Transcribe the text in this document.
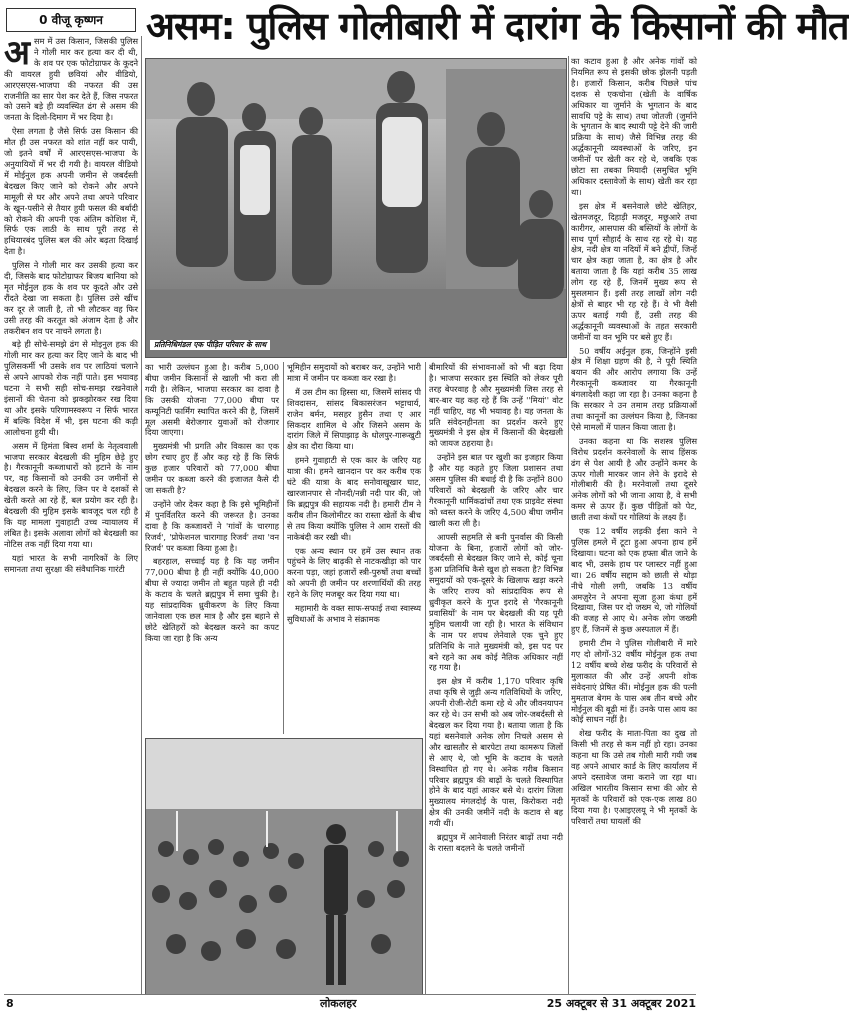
0 वीजू कृष्णन	असम: पुलिस गोलीबारी में दारांग के किसानों की मौत

असम में उस किसान, जिसकी पुलिस ने गोली मार कर हत्या कर दी थी, के शव पर एक फोटोग्राफर के कूदने की वायरल हुयी छवियां और वीडियो, आरएसएस-भाजपा की नफरत की उस राजनीति का सार पेश कर देते हैं, जिस नफरत को उसने बड़े ही व्यवस्थित ढंग से असम की जनता के दिलो-दिमाग में भर दिया है।

ऐसा लगता है जैसे सिर्फ उस किसान की मौत ही उस नफरत को शांत नहीं कर पायी, जो इतने वर्षों में आरएसएस-भाजपा के अनुयायियों में भर दी गयी है। वायरल वीडियो में मोईनुल हक अपनी जमीन से जबर्दस्ती बेदखल किए जाने को रोकने और अपने मामूली से घर और अपने तथा अपने परिवार के खून-पसीने से तैयार हुयी फसल की बर्बादी को रोकने की अपनी एक अंतिम कोशिश में, सिर्फ एक लाठी के साथ पूरी तरह से हथियारबंद पुलिस बल की ओर बढ़ता दिखाई देता है।

पुलिस ने गोली मार कर उसकी हत्या कर दी, जिसके बाद फोटोग्राफर बिजय बानिया को मृत मोईनुल हक के शव पर कूदते और उसे रौंदते देखा जा सकता है। पुलिस उसे खींच कर दूर ले जाती है, तो भी लौटकर वह फिर उसी तरह की करतूत को अंजाम देता है और तकरीबन शव पर नाचने लगता है।

बड़े ही सोचे-समझे ढंग से मोइनुल हक की गोली मार कर हत्या कर दिए जाने के बाद भी पुलिसकर्मी भी उसके शव पर लाठियां चलाने से अपने आपको रोक नहीं पाते। इस भयावह घटना ने सभी सही सोच-समझ रखनेवाले इंसानों की चेतना को झकझोरकर रख दिया था और इसके परिणामस्वरूप न सिर्फ भारत में बल्कि विदेश में भी, इस घटना की कड़ी आलोचना हुयी थी।

असम में हिमंता बिस्व शर्मा के नेतृत्ववाली भाजपा सरकार बेदखली की मुहिम छेड़े हुए है। गैरकानूनी कब्जाधारों को हटाने के नाम पर, वह किसानों को उनकी उन जमीनों से बेदखल करने के लिए, जिन पर वे दशकों से खेती करते आ रहे हैं, बल प्रयोग कर रही है। बेदखली की मुहिम इसके बावजूद चल रही है कि यह मामला गुवाहाटी उच्च न्यायालय में लंबित है। इसके अलावा लोगों को बेदखली का नोटिस तक नहीं दिया गया था।

यहां भारत के सभी नागरिकों के लिए समानता तथा सुरक्षा की संवैधानिक गारंटी

प्रतिनिधिमंडल एक पीड़ित परिवार के साथ

का भारी उल्लंघन हुआ है। करीब 5,000 बीघा जमीन किसानों से खाली भी करा ली गयी है। लेकिन, भाजपा सरकार का दावा है कि उसकी योजना 77,000 बीघा पर कम्यूनिटी फार्मिंग स्थापित करने की है, जिसमें मूल असमी बेरोजगार युवाओं को रोजगार दिया जाएगा।

मुख्यमंत्री भी प्रगति और विकास का एक छोग रचाए हुए हैं और कह रहे हैं कि सिर्फ कुछ हजार परिवारों को 77,000 बीघा जमीन पर कब्जा करने की इजाजत कैसे दी जा सकती है?

उन्होंने जोर देकर कहा है कि इसे भूमिहीनों में पुनर्वितरित करने की जरूरत है। उनका दावा है कि कब्जावरों ने 'गांवों के चारगाह रिजर्व', 'प्रोफेशनल चारागाह रिजर्व' तथा 'वन रिजर्व' पर कब्जा किया हुआ है।

बहरहाल, सच्चाई यह है कि यह जमीन 77,000 बीघा है ही नहीं क्योंकि 40,000 बीघा से ज्यादा जमीन तो बहुत पहले ही नदी के कटाव के चलते ब्रह्मपुत्र में समा चुकी है। यह सांप्रदायिक ध्रुवीकरण के लिए किया जानेवाला एक छल मात्र है और इस बहाने से छोटे खेतिहरों को बेदखल करने का कपट किया जा रहा है कि अन्य

भूमिहीन समुदायों को बराबर कर, उन्होंने भारी मात्रा में जमीन पर कब्जा कर रखा है।

मैं उस टीम का हिस्सा था, जिसमें सांसद पी शिवदासन, सांसद बिकासरंजन भट्टाचार्य, राजेन बर्मन, मसहर हुसैन तथा ए आर सिकदार शामिल थे और जिसने असम के दारांग जिले में सिपाझाड़ के धोलपुर-गारूखुटी क्षेत्र का दौरा किया था।

हमने गुवाहाटी से एक कार के जरिए यह यात्रा की। हमने खानदान पर कर करीब एक घंटे की यात्रा के बाद सनोवाखूखार घाट, खारजानपार से नौनदी/नन्नी नदी पार की, जो कि ब्रह्मपुत्र की सहायक नदी है। हमारी टीम ने करीब तीन किलोमीटर का रास्ता खेतों के बीच से तय किया क्योंकि पुलिस ने आम रास्तों की नाकेबंदी कर रखी थी।

एक अन्य स्थान पर हमें उस स्थान तक पहुंचने के लिए बाढ़की से नाटकखीड़ा को पार करना पड़ा, जहां हजारों स्त्री-पुरुषों तथा बच्चों को अपनी ही जमीन पर शरणार्थियों की तरह रहने के लिए मजबूर कर दिया गया था।

महामारी के वक्त साफ-सफाई तथा स्वास्थ्य सुविधाओं के अभाव ने संक्रामक

बीमारियों की संभावनाओं को भी बढ़ा दिया है। भाजपा सरकार इस स्थिति को लेकर पूरी तरह बेपरवाह है और मुख्यमंत्री जिस तरह से बार-बार यह कह रहे हैं कि उन्हें ''मियां'' वोट नहीं चाहिए, वह भी भयावह है। यह जनता के प्रति संवेदनहीनता का प्रदर्शन करने हुए मुख्यमंत्री ने इस क्षेत्र में किसानों की बेदखली को जायज ठहराया है।

उन्होंने इस बात पर खुशी का इजहार किया है और यह कहते हुए जिला प्रशासन तथा असम पुलिस की बधाई दी है कि उन्होंने 800 परिवारों को बेदखली के जरिए और चार गैरकानूनी धार्मिकढांचों तथा एक प्राइवेट संस्था को ध्वस्त करने के जरिए 4,500 बीघा जमीन खाली करा ली है।

आपसी सहमति से बनी पुनर्वास की किसी योजना के बिना, हजारों लोगों को जोर-जबर्दस्ती से बेदखल किए जाने से, कोई चूना हुआ प्रतिनिधि कैसे खुश हो सकता है? विभिन्न समुदायों को एक-दूसरे के खिलाफ खड़ा करने के जरिए राज्य को सांप्रदायिक रूप से ध्रुवीकृत करने के गुप्त इरादे से 'गैरकानूनी प्रवासियों' के नाम पर बेदखली की यह पूरी मुहिम चलायी जा रही है। भारत के संविधान के नाम पर शपथ लेनेवाले एक चुने हुए प्रतिनिधि के नाते मुख्यमंत्री को, इस पद पर बने रहने का अब कोई नैतिक अधिकार नहीं रह गया है।

इस क्षेत्र में करीब 1,170 परिवार कृषि तथा कृषि से जुड़ी अन्य गतिविधियों के जरिए, अपनी रोजी-रोटी कमा रहे थे और जीवनयापन कर रहे थे। उन सभी को अब जोर-जबर्दस्ती से बेदखल कर दिया गया है। बताया जाता है कि यहां बसनेवाले अनेक लोग निचले असम से और खासतौर से बारपेटा तथा कामरूप जिलों से आए थे, जो भूमि के कटाव के चलते विस्थापित हो गए थे। अनेक गरीब किसान परिवार ब्रह्मपुत्र की बाढ़ों के चलते विस्थापित होने के बाद यहां आकर बसे थे। दारांग जिला मुख्यालय मंगलदोई के पास, किरोकरा नदी क्षेत्र की उनकी जमीनें नदी के कटाव से बह गयी थीं।

ब्रह्मपुत्र में आनेवाली निरंतर बाढ़ों तथा नदी के रास्ता बदलने के चलते जमीनों

का कटाव हुआ है और अनेक गांवों को नियमित रूप से इसकी छोक झेलनी पड़ती है। हजारों किसान, करीब पिछले पांच दशक से एकचोना (खेती के वार्षिक अधिकार या जुर्माने के भुगतान के बाद सावधि पट्टे के साथ) तथा जोतजी (जुर्माने के भुगतान के बाद स्थायी पट्टे देने की जारी प्रक्रिया के साथ) जैसे विभिन्न तरह की अर्द्धकानूनी व्यवस्थाओं के जरिए, इन जमीनों पर खेती कर रहे थे, जबकि एक छोटा सा तबका मियादी (समुचित भूमि अधिकार दस्तावेजों के साथ) खेती कर रहा था।

इस क्षेत्र में बसनेवाले छोटे खेतिहर, खेतमजदूर, दिहाड़ी मजदूर, मछुआरे तथा कारीगर, आसपास की बस्तियों के लोगों के साथ पूर्ण सौहार्द के साथ रह रहे थे। यह क्षेत्र, नदी क्षेत्र या नदियों में बने द्वीपों, जिन्हें चार क्षेत्र कहा जाता है, का क्षेत्र है और बताया जाता है कि यहां करीब 35 लाख लोग रह रहे हैं, जिनमें मुख्य रूप से मुसलमान हैं। इसी तरह लाखों लोग नदी क्षेत्रों से बाहर भी रह रहे हैं। वे भी वैसी ऊपर बताई गयी हैं, उसी तरह की अर्द्धकानूनी व्यवस्थाओं के तहत सरकारी जमीनों या वन भूमि पर बसे हुए हैं।

50 वर्षीय अईनुल हक, जिन्होंने इसी क्षेत्र में शिक्षा ग्रहण की है, ने पूरी स्थिति बयान की और आरोप लगाया कि उन्हें गैरकानूनी कब्जावर या गैरकानूनी बंगलादेशी कहा जा रहा है। उनका कहना है कि सरकार ने उन तमाम तरह प्रक्रियाओं तथा कानूनों का उल्लंघन किया है, जिनका ऐसे मामलों में पालन किया जाता है।

उनका कहना था कि सशस्त्र पुलिस विरोध प्रदर्शन करनेवालों के साथ हिंसक ढंग से पेश आयी है और उन्होंने कमर के ऊपर गोली मारकर जान लेने के इरादे से गोलीबारी की है। मरनेवालों तथा दूसरे अनेक लोगों को भी जाना आया है, वे सभी कमर से ऊपर हैं। कुछ पीड़ितों को पेट, छाती तथा कंधों पर गोलियां के लक्ष्य हैं।

एक 12 वर्षीय लड़की ईसा काने ने पुलिस हमले में टूटा हुआ अपना हाथ हमें दिखाया। घटना को एक हफ्ता बीत जाने के बाद भी, उसके हाथ पर प्लास्टर नहीं हुआ था। 26 वर्षीय सद्दाम को छाती से थोड़ा नीचे गोली लगी, जबकि 13 वर्षीय अमज़ुरेन ने अपना सूजा हुआ कंधा हमें दिखाया, जिस पर दो जख्म थे, जो गोलियों की वजह से आए थे। अनेक लोग जख्मी हुए हैं, जिनमें से कुछ अस्पताल में हैं।

हमारी टीम ने पुलिस गोलीबारी में मारे गए दो लोगों-32 वर्षीय मोईनुल हक तथा 12 वर्षीय बच्चे शेख फरीद के परिवारों से मुलाकात की और उन्हें अपनी शोक संवेदनाएं प्रेषित कीं। मोईनुल हक की पत्नी मुमताज बेगम के पास अब तीन बच्चे और मोईनुल की बूढ़ी मां हैं। उनके पास आय का कोई साधन नहीं है।

शेख फरीद के माता-पिता का दुख तो किसी भी तरह से कम नहीं हो रहा। उनका कहना था कि उसे तब गोली मारी गयी जब वह अपने आधार कार्ड के लिए कार्यालय में अपने दस्तावेज जमा कराने जा रहा था। अखिल भारतीय किसान सभा की ओर से मृतकों के परिवारों को एक-एक लाख 80 दिया गया है। एआइएलयू ने भी मृतकों के परिवारों तथा घायलों की

8	लोकलहर	25 अक्टूबर से 31 अक्टूबर 2021
